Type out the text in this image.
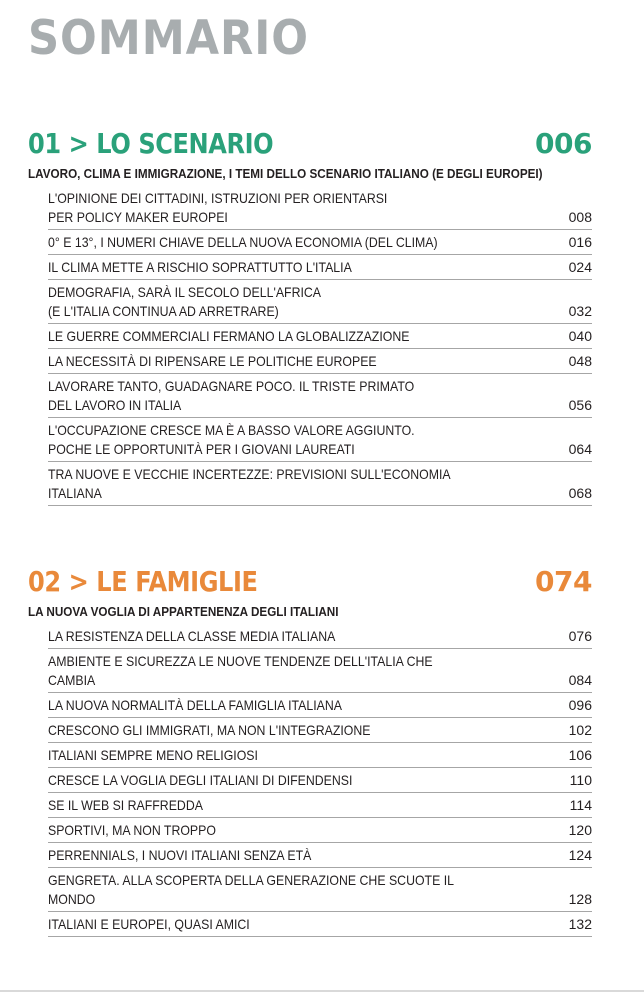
SOMMARIO
01 > LO SCENARIO	006
LAVORO, CLIMA E IMMIGRAZIONE, I TEMI DELLO SCENARIO ITALIANO (E DEGLI EUROPEI)
L'OPINIONE DEI CITTADINI, ISTRUZIONI PER ORIENTARSI
PER POLICY MAKER EUROPEI	008
0° E 13°, I NUMERI CHIAVE DELLA NUOVA ECONOMIA (DEL CLIMA)	016
IL CLIMA METTE A RISCHIO SOPRATTUTTO L'ITALIA	024
DEMOGRAFIA, SARÀ IL SECOLO DELL'AFRICA
(E L'ITALIA CONTINUA AD ARRETRARE)	032
LE GUERRE COMMERCIALI FERMANO LA GLOBALIZZAZIONE	040
LA NECESSITÀ DI RIPENSARE LE POLITICHE EUROPEE	048
LAVORARE TANTO, GUADAGNARE POCO. IL TRISTE PRIMATO
DEL LAVORO IN ITALIA	056
L'OCCUPAZIONE CRESCE MA È A BASSO VALORE AGGIUNTO.
POCHE LE OPPORTUNITÀ PER I GIOVANI LAUREATI	064
TRA NUOVE E VECCHIE INCERTEZZE: PREVISIONI SULL'ECONOMIA ITALIANA	068
02 > LE FAMIGLIE	074
LA NUOVA VOGLIA DI APPARTENENZA DEGLI ITALIANI
LA RESISTENZA DELLA CLASSE MEDIA ITALIANA	076
AMBIENTE E SICUREZZA LE NUOVE TENDENZE DELL'ITALIA CHE CAMBIA	084
LA NUOVA NORMALITÀ DELLA FAMIGLIA ITALIANA	096
CRESCONO GLI IMMIGRATI, MA NON L'INTEGRAZIONE	102
ITALIANI SEMPRE MENO RELIGIOSI	106
CRESCE LA VOGLIA DEGLI ITALIANI DI DIFENDENSI	110
SE IL WEB SI RAFFREDDA	114
SPORTIVI, MA NON TROPPO	120
PERRENNIALS, I NUOVI ITALIANI SENZA ETÀ	124
GENGRETA. ALLA SCOPERTA DELLA GENERAZIONE CHE SCUOTE IL MONDO	128
ITALIANI E EUROPEI, QUASI AMICI	132
